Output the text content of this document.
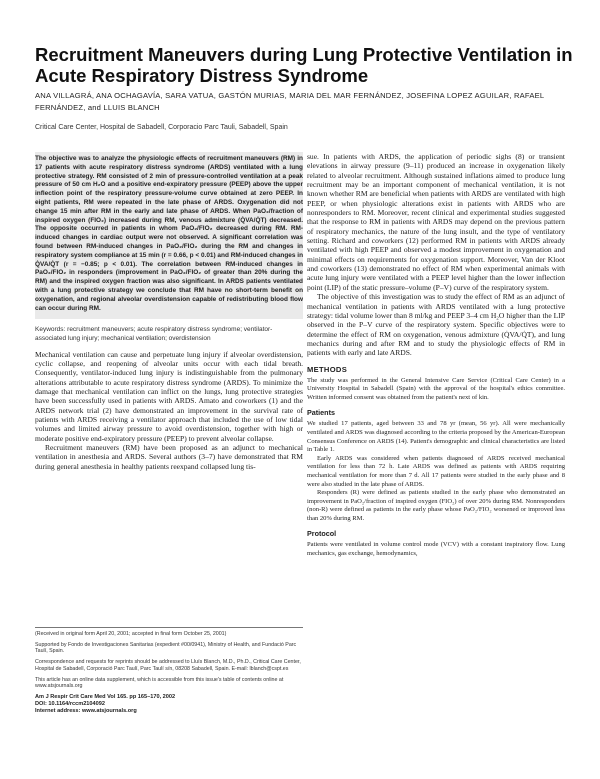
Recruitment Maneuvers during Lung Protective Ventilation in Acute Respiratory Distress Syndrome
ANA VILLAGRÁ, ANA OCHAGAVÍA, SARA VATUA, GASTÓN MURIAS, MARIA DEL MAR FERNÁNDEZ, JOSEFINA LOPEZ AGUILAR, RAFAEL FERNÁNDEZ, and LLUIS BLANCH
Critical Care Center, Hospital de Sabadell, Corporacio Parc Tauli, Sabadell, Spain
The objective was to analyze the physiologic effects of recruitment maneuvers (RM) in 17 patients with acute respiratory distress syndrome (ARDS) ventilated with a lung protective strategy. RM consisted of 2 min of pressure-controlled ventilation at a peak pressure of 50 cm H₂O and a positive end-expiratory pressure (PEEP) above the upper inflection point of the respiratory pressure-volume curve obtained at zero PEEP. In eight patients, RM were repeated in the late phase of ARDS. Oxygenation did not change 15 min after RM in the early and late phase of ARDS. When PaO₂/fraction of inspired oxygen (FIO₂) increased during RM, venous admixture (Q̇VA/Q̇T) decreased. The opposite occurred in patients in whom PaO₂/FIO₂ decreased during RM. RM-induced changes in cardiac output were not observed. A significant correlation was found between RM-induced changes in PaO₂/FIO₂ during the RM and changes in respiratory system compliance at 15 min (r = 0.66, p < 0.01) and RM-induced changes in Q̇VA/Q̇T (r = −0.85; p < 0.01). The correlation between RM-induced changes in PaO₂/FIO₂ in responders (improvement in PaO₂/FIO₂ of greater than 20% during the RM) and the inspired oxygen fraction was also significant. In ARDS patients ventilated with a lung protective strategy we conclude that RM have no short-term benefit on oxygenation, and regional alveolar overdistension capable of redistributing blood flow can occur during RM.
Keywords: recruitment maneuvers; acute respiratory distress syndrome; ventilator-associated lung injury; mechanical ventilation; overdistension

Mechanical ventilation can cause and perpetuate lung injury if alveolar overdistension, cyclic collapse, and reopening of alveolar units occur with each tidal breath. Consequently, ventilator-induced lung injury is indistinguishable from the pulmonary alterations attributable to acute respiratory distress syndrome (ARDS). To minimize the damage that mechanical ventilation can inflict on the lungs, lung protective strategies have been successfully used in patients with ARDS. Amato and coworkers (1) and the ARDS network trial (2) have demonstrated an improvement in the survival rate of patients with ARDS receiving a ventilator approach that included the use of low tidal volumes and limited airway pressure to avoid overdistension, together with high or moderate positive end-expiratory pressure (PEEP) to prevent alveolar collapse.

Recruitment maneuvers (RM) have been proposed as an adjunct to mechanical ventilation in anesthesia and ARDS. Several authors (3–7) have demonstrated that RM during general anesthesia in healthy patients reexpand collapsed lung tis-

(Received in original form April 20, 2001; accepted in final form October 25, 2001)

Supported by Fondo de Investigaciones Sanitarias (expedient #00/0941), Ministry of Health, and Fundació Parc Taulí, Spain.

Correspondence and requests for reprints should be addressed to Lluís Blanch, M.D., Ph.D., Critical Care Center, Hospital de Sabadell, Corporació Parc Taulí, Parc Taulí s/n, 08208 Sabadell, Spain. E-mail: lblanch@cspt.es

This article has an online data supplement, which is accessible from this issue's table of contents online at www.atsjournals.org

Am J Respir Crit Care Med Vol 165. pp 165–170, 2002
DOI: 10.1164/rccm2104092
Internet address: www.atsjournals.org

sue. In patients with ARDS, the application of periodic sighs (8) or transient elevations in airway pressure (9–11) produced an increase in oxygenation likely related to alveolar recruitment. Although sustained inflations aimed to produce lung recruitment may be an important component of mechanical ventilation, it is not known whether RM are beneficial when patients with ARDS are ventilated with high PEEP, or when physiologic alterations exist in patients with ARDS who are nonresponders to RM. Moreover, recent clinical and experimental studies suggested that the response to RM in patients with ARDS may depend on the previous pattern of respiratory mechanics, the nature of the lung insult, and the type of ventilatory setting. Richard and coworkers (12) performed RM in patients with ARDS already ventilated with high PEEP and observed a modest improvement in oxygenation and minimal effects on requirements for oxygenation support. Moreover, Van der Kloot and coworkers (13) demonstrated no effect of RM when experimental animals with acute lung injury were ventilated with a PEEP level higher than the lower inflection point (LIP) of the static pressure–volume (P–V) curve of the respiratory system.

The objective of this investigation was to study the effect of RM as an adjunct of mechanical ventilation in patients with ARDS ventilated with a lung protective strategy: tidal volume lower than 8 ml/kg and PEEP 3–4 cm H₂O higher than the LIP observed in the P–V curve of the respiratory system. Specific objectives were to determine the effect of RM on oxygenation, venous admixture (Q̇VA/Q̇T), and lung mechanics during and after RM and to study the physiologic effects of RM in patients with early and late ARDS.

METHODS

The study was performed in the General Intensive Care Service (Critical Care Center) in a University Hospital in Sabadell (Spain) with the approval of the hospital's ethics committee. Written informed consent was obtained from the patient's next of kin.

Patients

We studied 17 patients, aged between 33 and 78 yr (mean, 56 yr). All were mechanically ventilated and ARDS was diagnosed according to the criteria proposed by the American-European Consensus Conference on ARDS (14). Patient's demographic and clinical characteristics are listed in Table 1.

Early ARDS was considered when patients diagnosed of ARDS received mechanical ventilation for less than 72 h. Late ARDS was defined as patients with ARDS requiring mechanical ventilation for more than 7 d. All 17 patients were studied in the early phase and 8 were also studied in the late phase of ARDS.

Responders (R) were defined as patients studied in the early phase who demonstrated an improvement in PaO₂/fraction of inspired oxygen (FIO₂) of over 20% during RM. Nonresponders (non-R) were defined as patients in the early phase whose PaO₂/FIO₂ worsened or improved less than 20% during RM.

Protocol

Patients were ventilated in volume control mode (VCV) with a constant inspiratory flow. Lung mechanics, gas exchange, hemodynamics,
